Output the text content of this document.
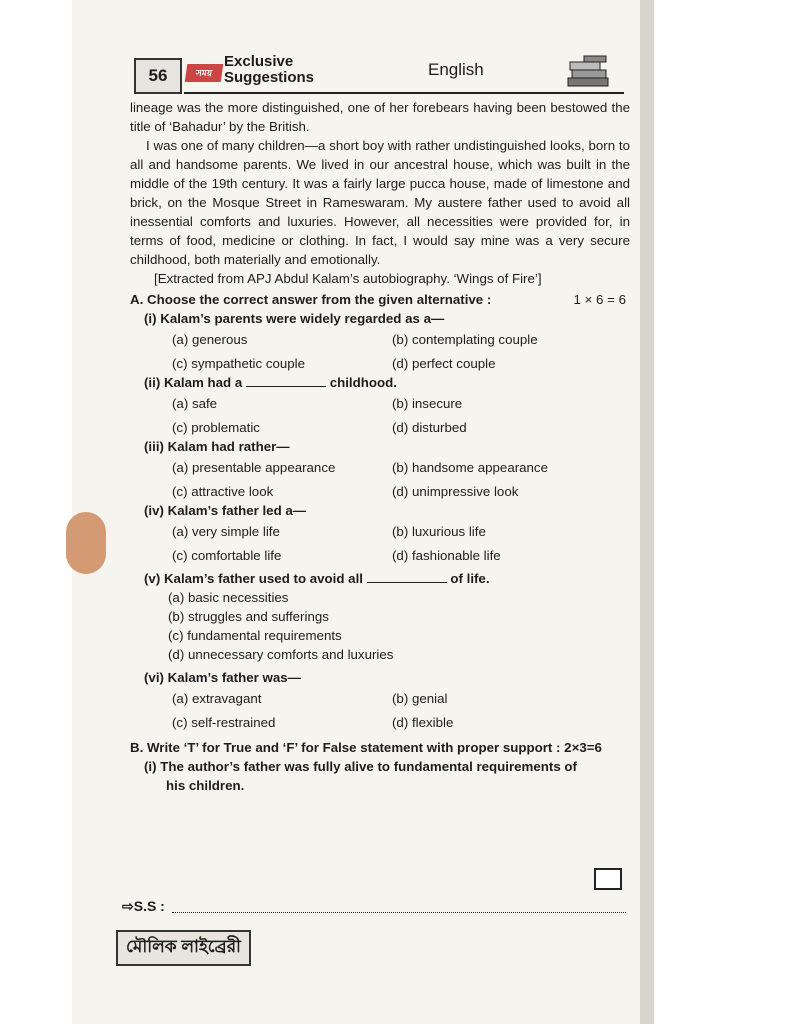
56	সময়
Exclusive
Suggestions	English

lineage was the more distinguished, one of her forebears having been bestowed the title of ‘Bahadur’ by the British.

I was one of many children—a short boy with rather undistinguished looks, born to all and handsome parents. We lived in our ancestral house, which was built in the middle of the 19th century. It was a fairly large pucca house, made of limestone and brick, on the Mosque Street in Rameswaram. My austere father used to avoid all inessential comforts and luxuries. However, all necessities were provided for, in terms of food, medicine or clothing. In fact, I would say mine was a very secure childhood, both materially and emotionally.

[Extracted from APJ Abdul Kalam’s autobiography. ‘Wings of Fire’]

A. Choose the correct answer from the given alternative :	1 × 6 = 6
(i) Kalam’s parents were widely regarded as a—
(a) generous	(b) contemplating couple
(c) sympathetic couple	(d) perfect couple
(ii) Kalam had a	childhood.
(a) safe	(b) insecure
(c) problematic	(d) disturbed
(iii) Kalam had rather—
(a) presentable appearance	(b) handsome appearance
(c) attractive look	(d) unimpressive look
(iv) Kalam’s father led a—
(a) very simple life	(b) luxurious life
(c) comfortable life	(d) fashionable life
(v) Kalam’s father used to avoid all	of life.
(a) basic necessities
(b) struggles and sufferings
(c) fundamental requirements
(d) unnecessary comforts and luxuries
(vi) Kalam’s father was—
(a) extravagant	(b) genial
(c) self-restrained	(d) flexible
B. Write ‘T’ for True and ‘F’ for False statement with proper support : 2×3=6
(i) The author’s father was fully alive to fundamental requirements of
his children.
⇨S.S :
মৌলিক লাইব্রেরী
